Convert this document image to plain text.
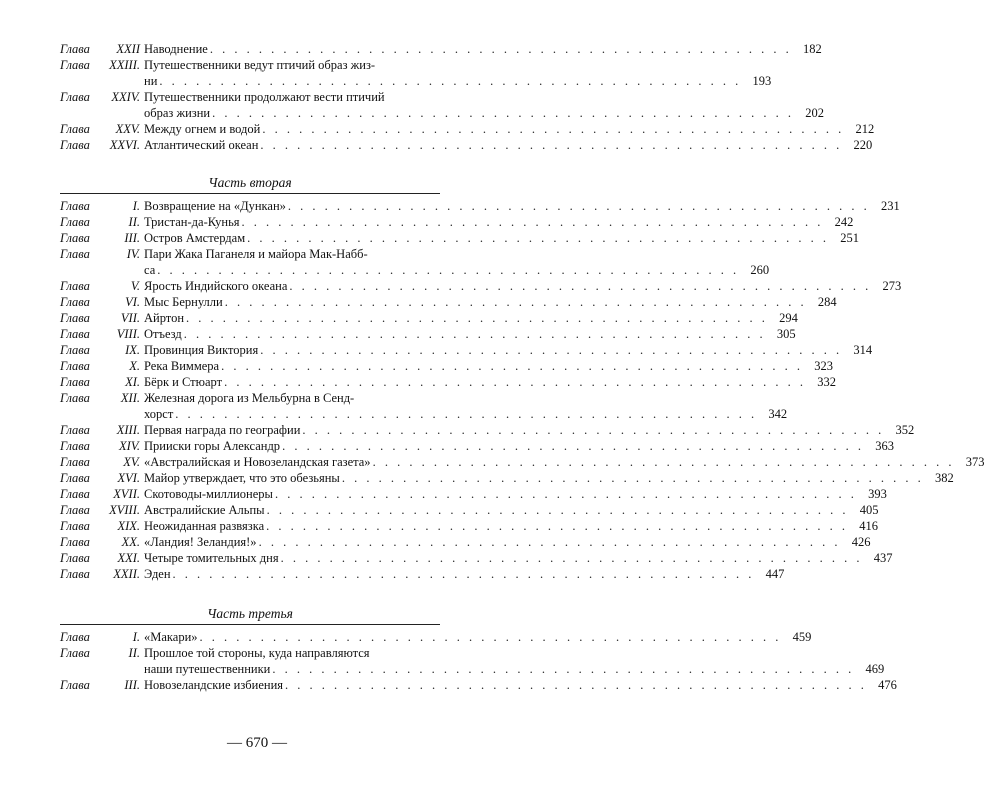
Глава XXII Наводнение . . . . . . . . . . . . . . . . . . . . . . . . . . . . . . . . . . . . . . . . . . . . . . . . 182
Глава XXIII. Путешественники ведут птичий образ жиз-
ни . . . . . . . . . . . . . . . . . . . . . . . . . . . . . . . . . . . . . . . . . . . . . . . . 193
Глава XXIV. Путешественники продолжают вести птичий
образ жизни . . . . . . . . . . . . . . . . . . . . . . . . . . . . . . . . . . . . . . . . . . . . . . . . 202
Глава XXV. Между огнем и водой . . . . . . . . . . . . . . . . . . . . . . . . . . . . . . . . . . . . . . . . . . . . . . . . 212
Глава XXVI. Атлантический океан . . . . . . . . . . . . . . . . . . . . . . . . . . . . . . . . . . . . . . . . . . . . . . . . 220
Часть вторая
Глава	I. Возвращение на «Дункан» . . . . . . . . . . . . . . . . . . . . . . . . . . . . . . . . . . . . . . . . . . . . . . . . 231
Глава	II. Тристан-да-Кунья . . . . . . . . . . . . . . . . . . . . . . . . . . . . . . . . . . . . . . . . . . . . . . . . 242
Глава	III. Остров Амстердам . . . . . . . . . . . . . . . . . . . . . . . . . . . . . . . . . . . . . . . . . . . . . . . . 251
Глава	IV. Пари Жака Паганеля и майора Мак-Набб-
са . . . . . . . . . . . . . . . . . . . . . . . . . . . . . . . . . . . . . . . . . . . . . . . . 260
Глава	V. Ярость Индийского океана . . . . . . . . . . . . . . . . . . . . . . . . . . . . . . . . . . . . . . . . . . . . . . . . 273
Глава	VI. Мыс Бернулли . . . . . . . . . . . . . . . . . . . . . . . . . . . . . . . . . . . . . . . . . . . . . . . . 284
Глава VII. Айртон . . . . . . . . . . . . . . . . . . . . . . . . . . . . . . . . . . . . . . . . . . . . . . . . 294
Глава VIII. Отъезд . . . . . . . . . . . . . . . . . . . . . . . . . . . . . . . . . . . . . . . . . . . . . . . . 305
Глава	IX. Провинция Виктория . . . . . . . . . . . . . . . . . . . . . . . . . . . . . . . . . . . . . . . . . . . . . . . . 314
Глава	X. Река Виммера . . . . . . . . . . . . . . . . . . . . . . . . . . . . . . . . . . . . . . . . . . . . . . . . 323
Глава	XI. Бёрк и Стюарт . . . . . . . . . . . . . . . . . . . . . . . . . . . . . . . . . . . . . . . . . . . . . . . . 332
Глава XII. Железная дорога из Мельбурна в Сенд-
хорст . . . . . . . . . . . . . . . . . . . . . . . . . . . . . . . . . . . . . . . . . . . . . . . . 342
Глава XIII. Первая награда по географии . . . . . . . . . . . . . . . . . . . . . . . . . . . . . . . . . . . . . . . . . . . . . . . . 352
Глава XIV. Прииски горы Александр . . . . . . . . . . . . . . . . . . . . . . . . . . . . . . . . . . . . . . . . . . . . . . . . 363
Глава	XV. «Австралийская и Новозеландская газета» . . . . . . . . . . . . . . . . . . . . . . . . . . . . . . . . . . . . . . . . . . . . . . . . 373
Глава XVI. Майор утверждает, что это обезьяны . . . . . . . . . . . . . . . . . . . . . . . . . . . . . . . . . . . . . . . . . . . . . . . . 382
Глава XVII. Скотоводы-миллионеры . . . . . . . . . . . . . . . . . . . . . . . . . . . . . . . . . . . . . . . . . . . . . . . . 393
Глава XVIII. Австралийские Альпы . . . . . . . . . . . . . . . . . . . . . . . . . . . . . . . . . . . . . . . . . . . . . . . . 405
Глава XIX. Неожиданная развязка . . . . . . . . . . . . . . . . . . . . . . . . . . . . . . . . . . . . . . . . . . . . . . . . 416
Глава	XX. «Ландия! Зеландия!» . . . . . . . . . . . . . . . . . . . . . . . . . . . . . . . . . . . . . . . . . . . . . . . . 426
Глава XXI. Четыре томительных дня . . . . . . . . . . . . . . . . . . . . . . . . . . . . . . . . . . . . . . . . . . . . . . . . 437
Глава XXII. Эден . . . . . . . . . . . . . . . . . . . . . . . . . . . . . . . . . . . . . . . . . . . . . . . . 447
Часть третья
Глава	I. «Макари» . . . . . . . . . . . . . . . . . . . . . . . . . . . . . . . . . . . . . . . . . . . . . . . . 459
Глава	II. Прошлое той стороны, куда направляются
наши путешественники . . . . . . . . . . . . . . . . . . . . . . . . . . . . . . . . . . . . . . . . . . . . . . . . 469
Глава	III. Новозеландские избиения . . . . . . . . . . . . . . . . . . . . . . . . . . . . . . . . . . . . . . . . . . . . . . . . 476
— 670 —
